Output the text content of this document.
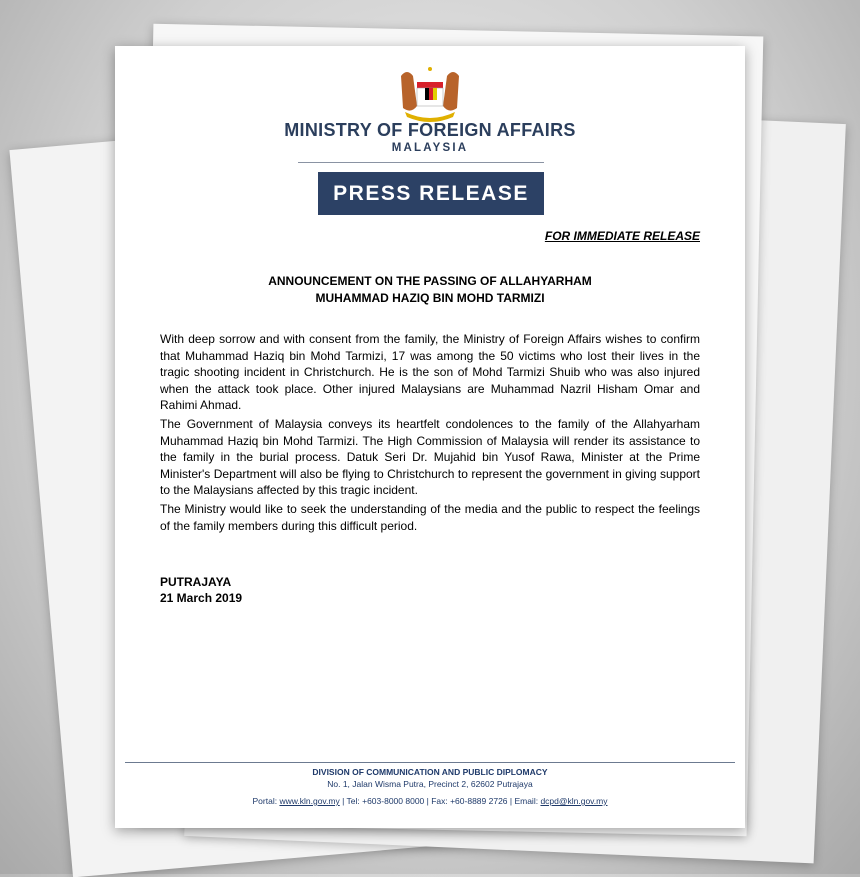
MINISTRY OF FOREIGN AFFAIRS
MALAYSIA
PRESS RELEASE
FOR IMMEDIATE RELEASE
ANNOUNCEMENT ON THE PASSING OF ALLAHYARHAM
MUHAMMAD HAZIQ BIN MOHD TARMIZI
With deep sorrow and with consent from the family, the Ministry of Foreign Affairs wishes to confirm that Muhammad Haziq bin Mohd Tarmizi, 17 was among the 50 victims who lost their lives in the tragic shooting incident in Christchurch. He is the son of Mohd Tarmizi Shuib who was also injured when the attack took place. Other injured Malaysians are Muhammad Nazril Hisham Omar and Rahimi Ahmad.
The Government of Malaysia conveys its heartfelt condolences to the family of the Allahyarham Muhammad Haziq bin Mohd Tarmizi. The High Commission of Malaysia will render its assistance to the family in the burial process. Datuk Seri Dr. Mujahid bin Yusof Rawa, Minister at the Prime Minister's Department will also be flying to Christchurch to represent the government in giving support to the Malaysians affected by this tragic incident.
The Ministry would like to seek the understanding of the media and the public to respect the feelings of the family members during this difficult period.
PUTRAJAYA
21 March 2019
DIVISION OF COMMUNICATION AND PUBLIC DIPLOMACY
No. 1, Jalan Wisma Putra, Precinct 2, 62602 Putrajaya
Portal: www.kln.gov.my | Tel: +603-8000 8000 | Fax: +60-8889 2726 | Email: dcpd@kln.gov.my
